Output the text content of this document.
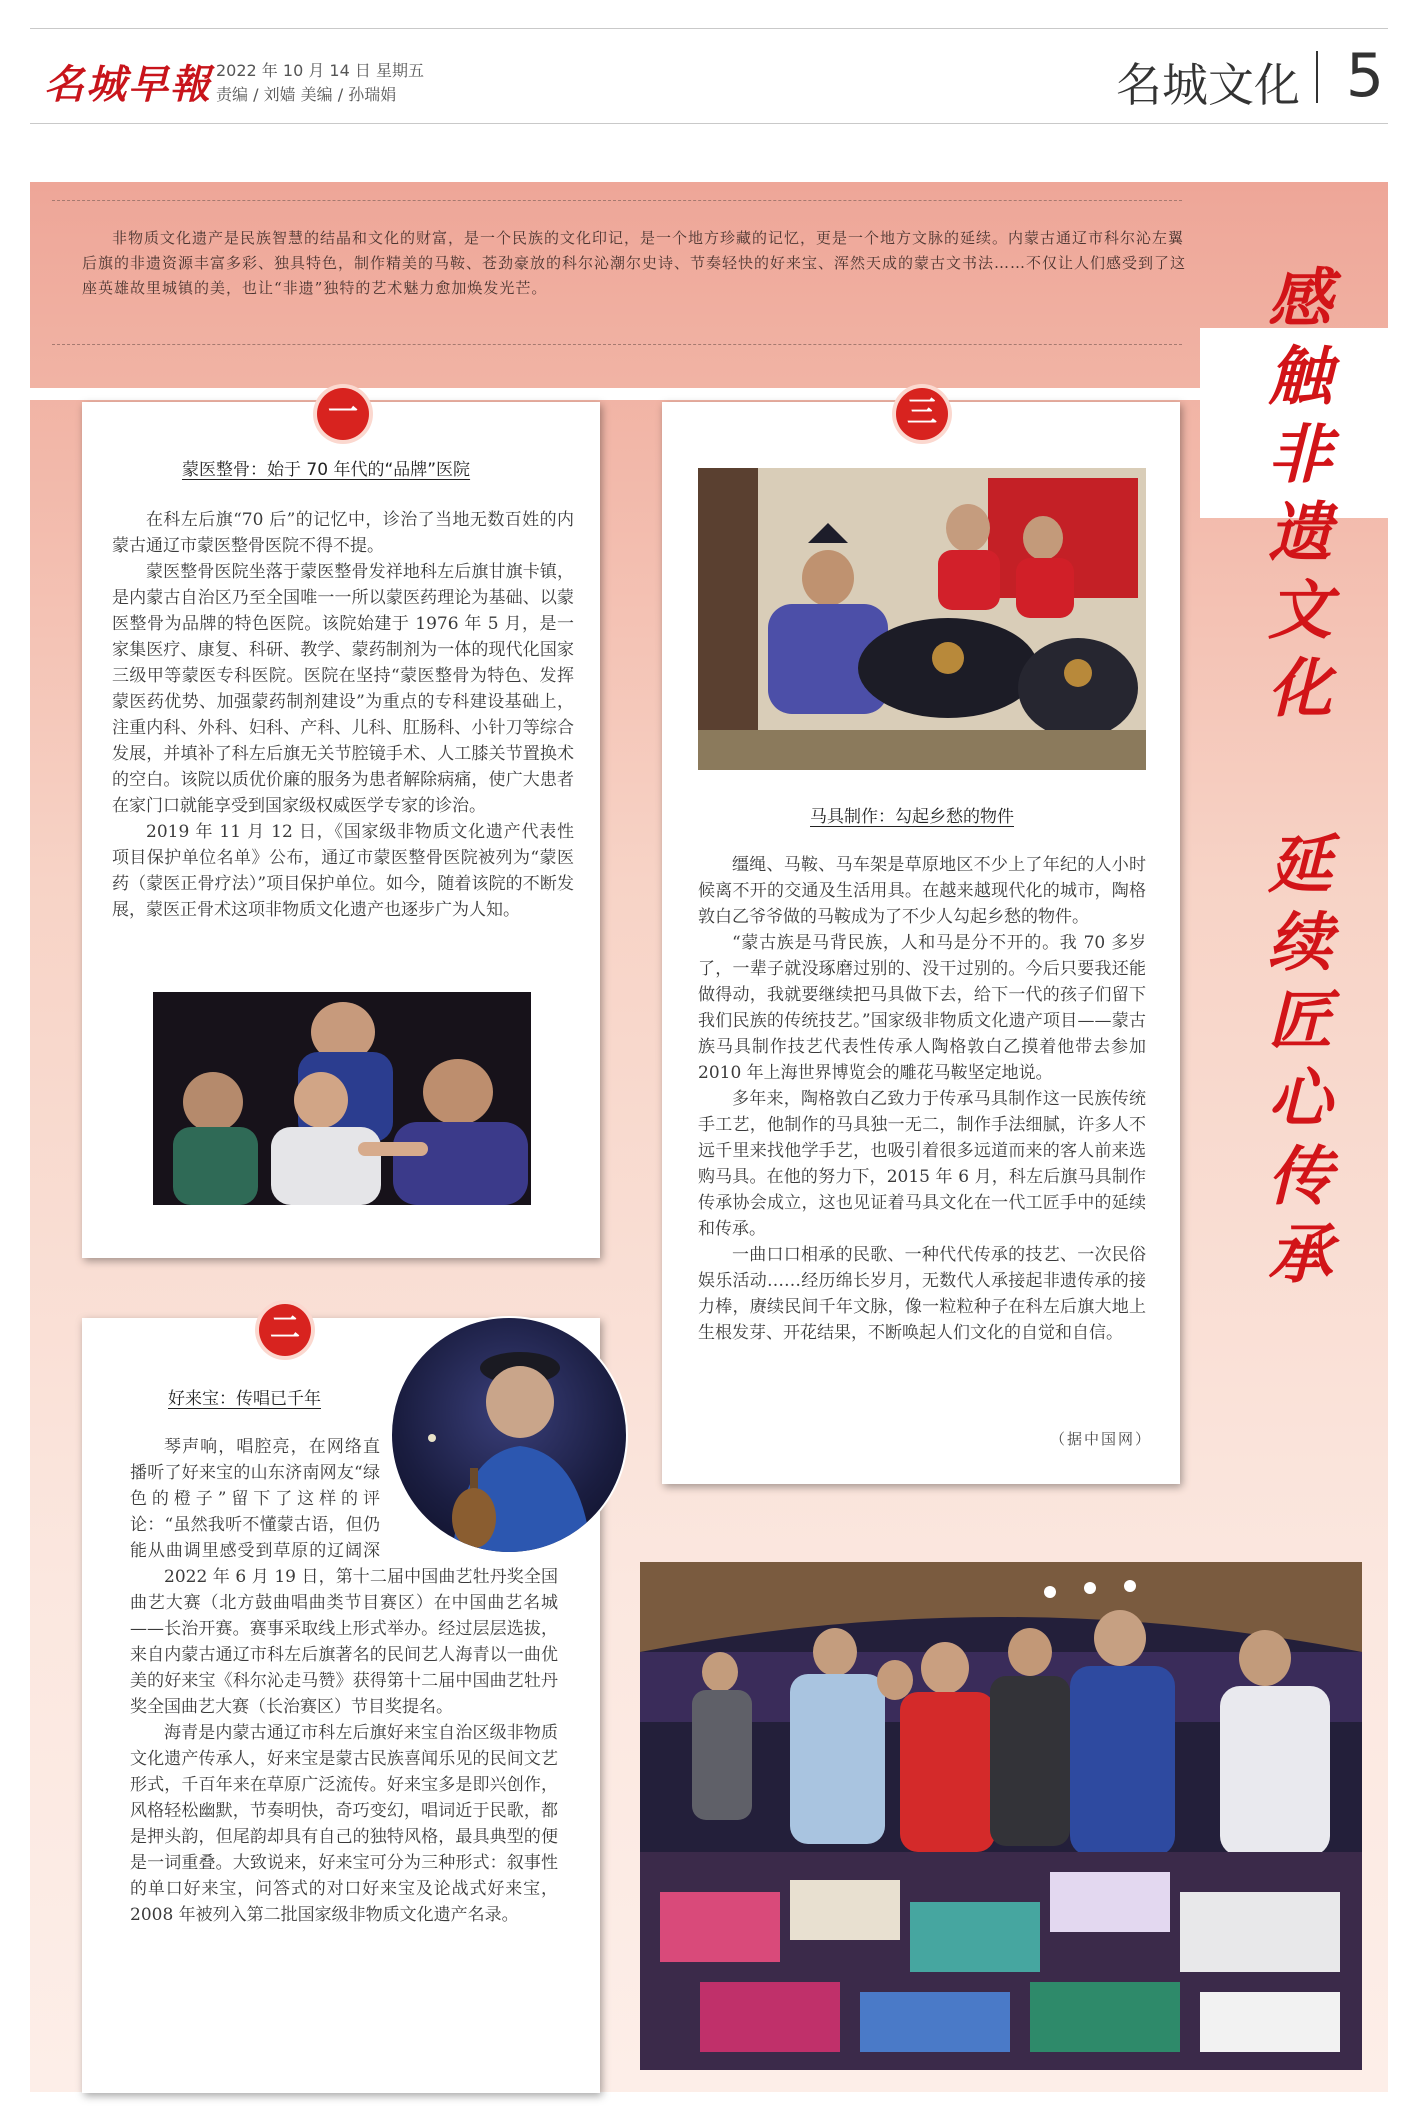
名城早報 2022 年 10 月 14 日 星期五
责编 / 刘嫱 美编 / 孙瑞娟	名城文化 5

非物质文化遗产是民族智慧的结晶和文化的财富，是一个民族的文化印记，是一个地方珍藏的记忆，更是一个地方文脉的延续。内蒙古通辽市科尔沁左翼后旗的非遗资源丰富多彩、独具特色，制作精美的马鞍、苍劲豪放的科尔沁潮尔史诗、节奏轻快的好来宝、浑然天成的蒙古文书法……不仅让人们感受到了这座英雄故里城镇的美，也让“非遗”独特的艺术魅力愈加焕发光芒。	感触非遗文化
延续匠心传承
一
蒙医整骨：始于 70 年代的“品牌”医院

在科左后旗“70 后”的记忆中，诊治了当地无数百姓的内蒙古通辽市蒙医整骨医院不得不提。

蒙医整骨医院坐落于蒙医整骨发祥地科左后旗甘旗卡镇，是内蒙古自治区乃至全国唯一一所以蒙医药理论为基础、以蒙医整骨为品牌的特色医院。该院始建于 1976 年 5 月，是一家集医疗、康复、科研、教学、蒙药制剂为一体的现代化国家三级甲等蒙医专科医院。医院在坚持“蒙医整骨为特色、发挥蒙医药优势、加强蒙药制剂建设”为重点的专科建设基础上，注重内科、外科、妇科、产科、儿科、肛肠科、小针刀等综合发展，并填补了科左后旗无关节腔镜手术、人工膝关节置换术的空白。该院以质优价廉的服务为患者解除病痛，使广大患者在家门口就能享受到国家级权威医学专家的诊治。

2019 年 11 月 12 日，《国家级非物质文化遗产代表性项目保护单位名单》公布，通辽市蒙医整骨医院被列为“蒙医药（蒙医正骨疗法）”项目保护单位。如今，随着该院的不断发展，蒙医正骨术这项非物质文化遗产也逐步广为人知。

二
好来宝：传唱已千年

琴声响，唱腔亮，在网络直播听了好来宝的山东济南网友“绿色的橙子”留下了这样的评论：“虽然我听不懂蒙古语，但仍能从曲调里感受到草原的辽阔深

2022 年 6 月 19 日，第十二届中国曲艺牡丹奖全国曲艺大赛（北方鼓曲唱曲类节目赛区）在中国曲艺名城——长治开赛。赛事采取线上形式举办。经过层层选拔，来自内蒙古通辽市科左后旗著名的民间艺人海青以一曲优美的好来宝《科尔沁走马赞》获得第十二届中国曲艺牡丹奖全国曲艺大赛（长治赛区）节目奖提名。

海青是内蒙古通辽市科左后旗好来宝自治区级非物质文化遗产传承人，好来宝是蒙古民族喜闻乐见的民间文艺形式，千百年来在草原广泛流传。好来宝多是即兴创作，风格轻松幽默，节奏明快，奇巧变幻，唱词近于民歌，都是押头韵，但尾韵却具有自己的独特风格，最具典型的便是一词重叠。大致说来，好来宝可分为三种形式：叙事性的单口好来宝，问答式的对口好来宝及论战式好来宝，2008 年被列入第二批国家级非物质文化遗产名录。

三
马具制作：勾起乡愁的物件

缰绳、马鞍、马车架是草原地区不少上了年纪的人小时候离不开的交通及生活用具。在越来越现代化的城市，陶格敦白乙爷爷做的马鞍成为了不少人勾起乡愁的物件。

“蒙古族是马背民族，人和马是分不开的。我 70 多岁了，一辈子就没琢磨过别的、没干过别的。今后只要我还能做得动，我就要继续把马具做下去，给下一代的孩子们留下我们民族的传统技艺。”国家级非物质文化遗产项目——蒙古族马具制作技艺代表性传承人陶格敦白乙摸着他带去参加 2010 年上海世界博览会的雕花马鞍坚定地说。

多年来，陶格敦白乙致力于传承马具制作这一民族传统手工艺，他制作的马具独一无二，制作手法细腻，许多人不远千里来找他学手艺，也吸引着很多远道而来的客人前来选购马具。在他的努力下，2015 年 6 月，科左后旗马具制作传承协会成立，这也见证着马具文化在一代工匠手中的延续和传承。

一曲口口相承的民歌、一种代代传承的技艺、一次民俗娱乐活动……经历绵长岁月，无数代人承接起非遗传承的接力棒，赓续民间千年文脉，像一粒粒种子在科左后旗大地上生根发芽、开花结果，不断唤起人们文化的自觉和自信。

（据中国网）
